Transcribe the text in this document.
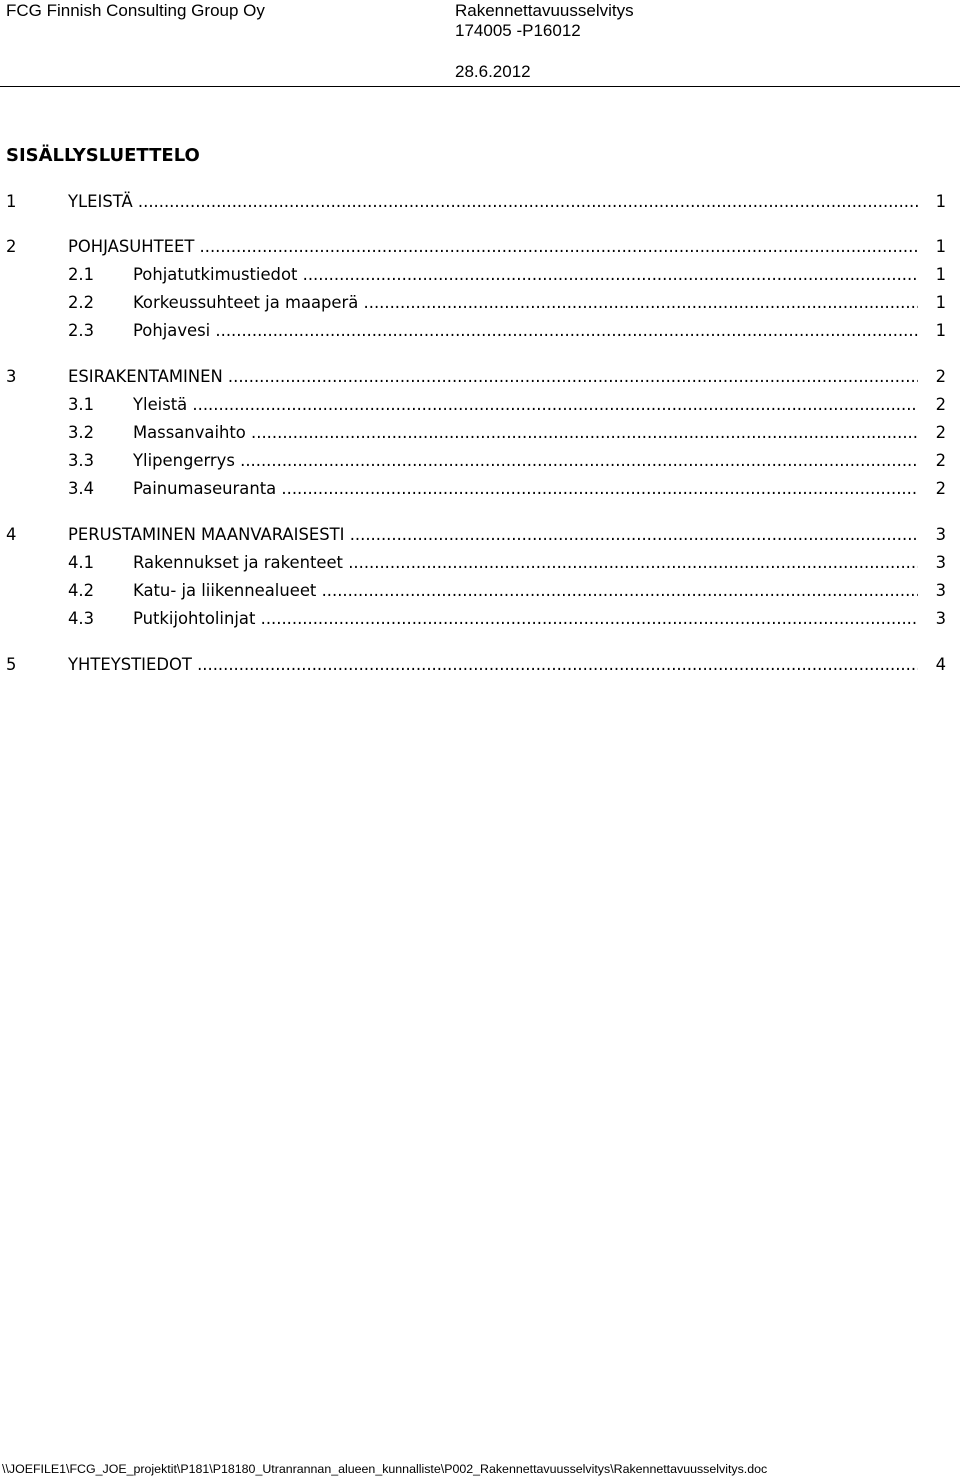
FCG Finnish Consulting Group Oy	Rakennettavuusselvitys
174005 -P16012
28.6.2012
SISÄLLYSLUETTELO
1	YLEISTÄ .....	1
2	POHJASUHTEET .....	1
2.1 Pohjatutkimustiedot .....	1
2.2 Korkeussuhteet ja maaperä .....	1
2.3 Pohjavesi .....	1
3	ESIRAKENTAMINEN .....	2
3.1 Yleistä .....	2
3.2 Massanvaihto .....	2
3.3 Ylipengerrys .....	2
3.4 Painumaseuranta .....	2
4	PERUSTAMINEN MAANVARAISESTI .....	3
4.1 Rakennukset ja rakenteet .....	3
4.2 Katu- ja liikennealueet .....	3
4.3 Putkijohtolinjat .....	3
5	YHTEYSTIEDOT .....	4
\\JOEFILE1\FCG_JOE_projektit\P181\P18180_Utranrannan_alueen_kunnalliste\P002_Rakennettavuusselvitys\Rakennettavuusselvitys.doc
